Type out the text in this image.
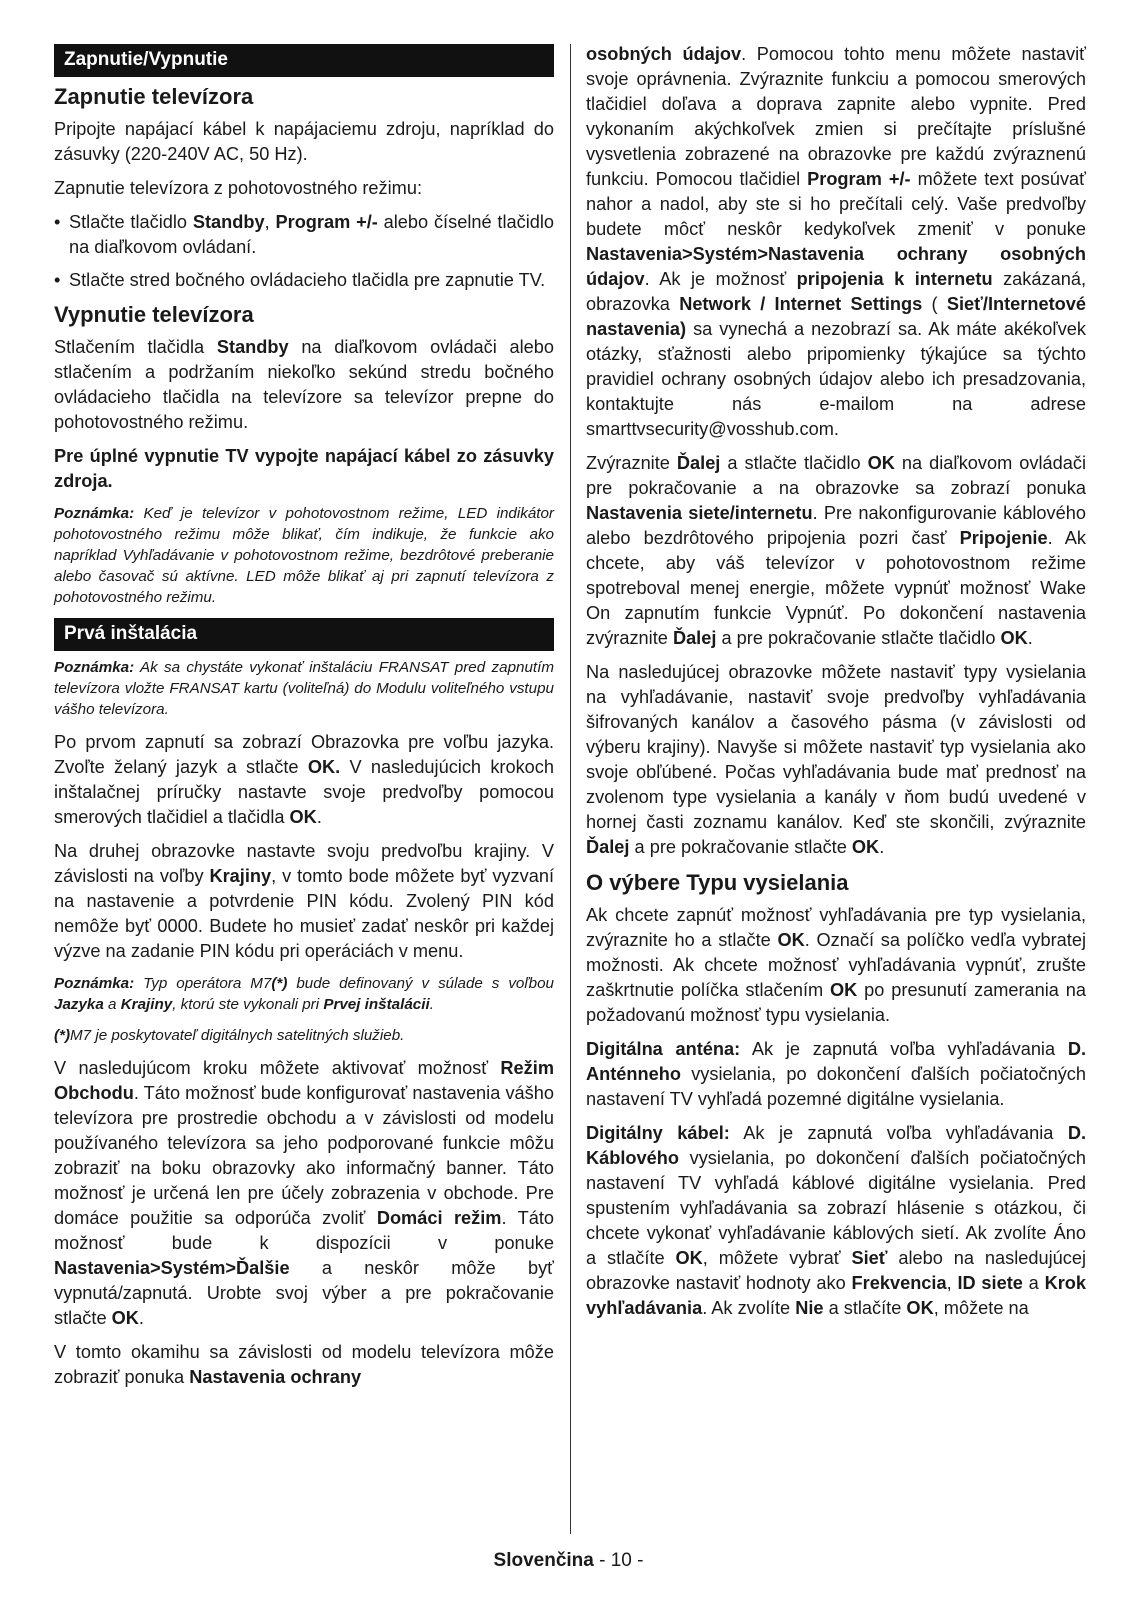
Zapnutie/Vypnutie
Zapnutie televízora

Pripojte napájací kábel k napájaciemu zdroju, napríklad do zásuvky (220-240V AC, 50 Hz).

Zapnutie televízora z pohotovostného režimu:

• Stlačte tlačidlo Standby, Program +/- alebo číselné tlačidlo na diaľkovom ovládaní.
• Stlačte stred bočného ovládacieho tlačidla pre zapnutie TV.
Vypnutie televízora

Stlačením tlačidla Standby na diaľkovom ovládači alebo stlačením a podržaním niekoľko sekúnd stredu bočného ovládacieho tlačidla na televízore sa televízor prepne do pohotovostného režimu.

Pre úplné vypnutie TV vypojte napájací kábel zo zásuvky zdroja.

Poznámka: Keď je televízor v pohotovostnom režime, LED indikátor pohotovostného režimu môže blikať, čím indikuje, že funkcie ako napríklad Vyhľadávanie v pohotovostnom režime, bezdrôtové preberanie alebo časovač sú aktívne. LED môže blikať aj pri zapnutí televízora z pohotovostného režimu.

Prvá inštalácia

Poznámka: Ak sa chystáte vykonať inštaláciu FRANSAT pred zapnutím televízora vložte FRANSAT kartu (voliteľná) do Modulu voliteľného vstupu vášho televízora.

Po prvom zapnutí sa zobrazí Obrazovka pre voľbu jazyka. Zvoľte želaný jazyk a stlačte OK. V nasledujúcich krokoch inštalačnej príručky nastavte svoje predvoľby pomocou smerových tlačidiel a tlačidla OK.

Na druhej obrazovke nastavte svoju predvoľbu krajiny. V závislosti na voľby Krajiny, v tomto bode môžete byť vyzvaní na nastavenie a potvrdenie PIN kódu. Zvolený PIN kód nemôže byť 0000. Budete ho musieť zadať neskôr pri každej výzve na zadanie PIN kódu pri operáciách v menu.

Poznámka: Typ operátora M7(*) bude definovaný v súlade s voľbou Jazyka a Krajiny, ktorú ste vykonali pri Prvej inštalácii.

(*)M7 je poskytovateľ digitálnych satelitných služieb.

V nasledujúcom kroku môžete aktivovať možnosť Režim Obchodu. Táto možnosť bude konfigurovať nastavenia vášho televízora pre prostredie obchodu a v závislosti od modelu používaného televízora sa jeho podporované funkcie môžu zobraziť na boku obrazovky ako informačný banner. Táto možnosť je určená len pre účely zobrazenia v obchode. Pre domáce použitie sa odporúča zvoliť Domáci režim. Táto možnosť bude k dispozícii v ponuke Nastavenia>Systém>Ďalšie a neskôr môže byť vypnutá/zapnutá. Urobte svoj výber a pre pokračovanie stlačte OK.

V tomto okamihu sa závislosti od modelu televízora môže zobraziť ponuka Nastavenia ochrany

osobných údajov. Pomocou tohto menu môžete nastaviť svoje oprávnenia. Zvýraznite funkciu a pomocou smerových tlačidiel doľava a doprava zapnite alebo vypnite. Pred vykonaním akýchkoľvek zmien si prečítajte príslušné vysvetlenia zobrazené na obrazovke pre každú zvýraznenú funkciu. Pomocou tlačidiel Program +/- môžete text posúvať nahor a nadol, aby ste si ho prečítali celý. Vaše predvoľby budete môcť neskôr kedykoľvek zmeniť v ponuke Nastavenia>Systém>Nastavenia ochrany osobných údajov. Ak je možnosť pripojenia k internetu zakázaná, obrazovka Network / Internet Settings ( Sieť/Internetové nastavenia) sa vynechá a nezobrazí sa. Ak máte akékoľvek otázky, sťažnosti alebo pripomienky týkajúce sa týchto pravidiel ochrany osobných údajov alebo ich presadzovania, kontaktujte nás e-mailom na adrese smarttvsecurity@vosshub.com.

Zvýraznite Ďalej a stlačte tlačidlo OK na diaľkovom ovládači pre pokračovanie a na obrazovke sa zobrazí ponuka Nastavenia siete/internetu. Pre nakonfigurovanie káblového alebo bezdrôtového pripojenia pozri časť Pripojenie. Ak chcete, aby váš televízor v pohotovostnom režime spotreboval menej energie, môžete vypnúť možnosť Wake On zapnutím funkcie Vypnúť. Po dokončení nastavenia zvýraznite Ďalej a pre pokračovanie stlačte tlačidlo OK.

Na nasledujúcej obrazovke môžete nastaviť typy vysielania na vyhľadávanie, nastaviť svoje predvoľby vyhľadávania šifrovaných kanálov a časového pásma (v závislosti od výberu krajiny). Navyše si môžete nastaviť typ vysielania ako svoje obľúbené. Počas vyhľadávania bude mať prednosť na zvolenom type vysielania a kanály v ňom budú uvedené v hornej časti zoznamu kanálov. Keď ste skončili, zvýraznite Ďalej a pre pokračovanie stlačte OK.

O výbere Typu vysielania

Ak chcete zapnúť možnosť vyhľadávania pre typ vysielania, zvýraznite ho a stlačte OK. Označí sa políčko vedľa vybratej možnosti. Ak chcete možnosť vyhľadávania vypnúť, zrušte zaškrtnutie políčka stlačením OK po presunutí zamerania na požadovanú možnosť typu vysielania.

Digitálna anténa: Ak je zapnutá voľba vyhľadávania D. Anténneho vysielania, po dokončení ďalších počiatočných nastavení TV vyhľadá pozemné digitálne vysielania.

Digitálny kábel: Ak je zapnutá voľba vyhľadávania D. Káblového vysielania, po dokončení ďalších počiatočných nastavení TV vyhľadá káblové digitálne vysielania. Pred spustením vyhľadávania sa zobrazí hlásenie s otázkou, či chcete vykonať vyhľadávanie káblových sietí. Ak zvolíte Áno a stlačíte OK, môžete vybrať Sieť alebo na nasledujúcej obrazovke nastaviť hodnoty ako Frekvencia, ID siete a Krok vyhľadávania. Ak zvolíte Nie a stlačíte OK, môžete na

Slovenčina - 10 -
